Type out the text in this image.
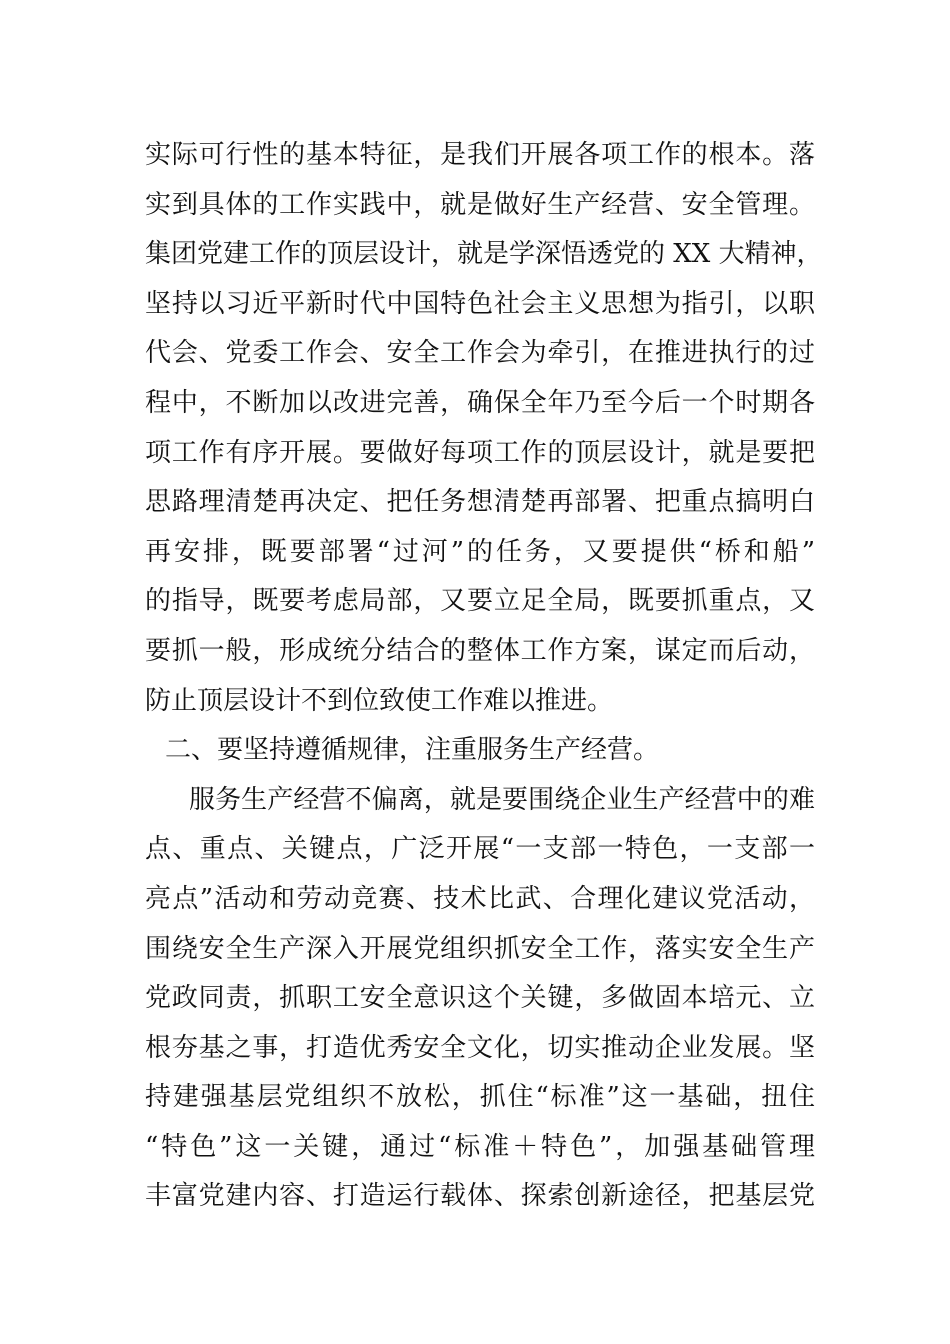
实际可行性的基本特征，是我们开展各项工作的根本。落
实到具体的工作实践中，就是做好生产经营、安全管理。
集团党建工作的顶层设计，就是学深悟透党的 XX 大精神，
坚持以习近平新时代中国特色社会主义思想为指引，以职
代会、党委工作会、安全工作会为牵引，在推进执行的过
程中，不断加以改进完善，确保全年乃至今后一个时期各
项工作有序开展。要做好每项工作的顶层设计，就是要把
思路理清楚再决定、把任务想清楚再部署、把重点搞明白
再安排，既要部署“过河”的任务，又要提供“桥和船”
的指导，既要考虑局部，又要立足全局，既要抓重点，又
要抓一般，形成统分结合的整体工作方案，谋定而后动，
防止顶层设计不到位致使工作难以推进。
二、要坚持遵循规律，注重服务生产经营。
服务生产经营不偏离，就是要围绕企业生产经营中的难
点、重点、关键点，广泛开展“一支部一特色，一支部一
亮点”活动和劳动竞赛、技术比武、合理化建议党活动，
围绕安全生产深入开展党组织抓安全工作，落实安全生产
党政同责，抓职工安全意识这个关键，多做固本培元、立
根夯基之事，打造优秀安全文化，切实推动企业发展。坚
持建强基层党组织不放松，抓住“标准”这一基础，扭住
“特色”这一关键，通过“标准＋特色”，加强基础管理
丰富党建内容、打造运行载体、探索创新途径，把基层党
